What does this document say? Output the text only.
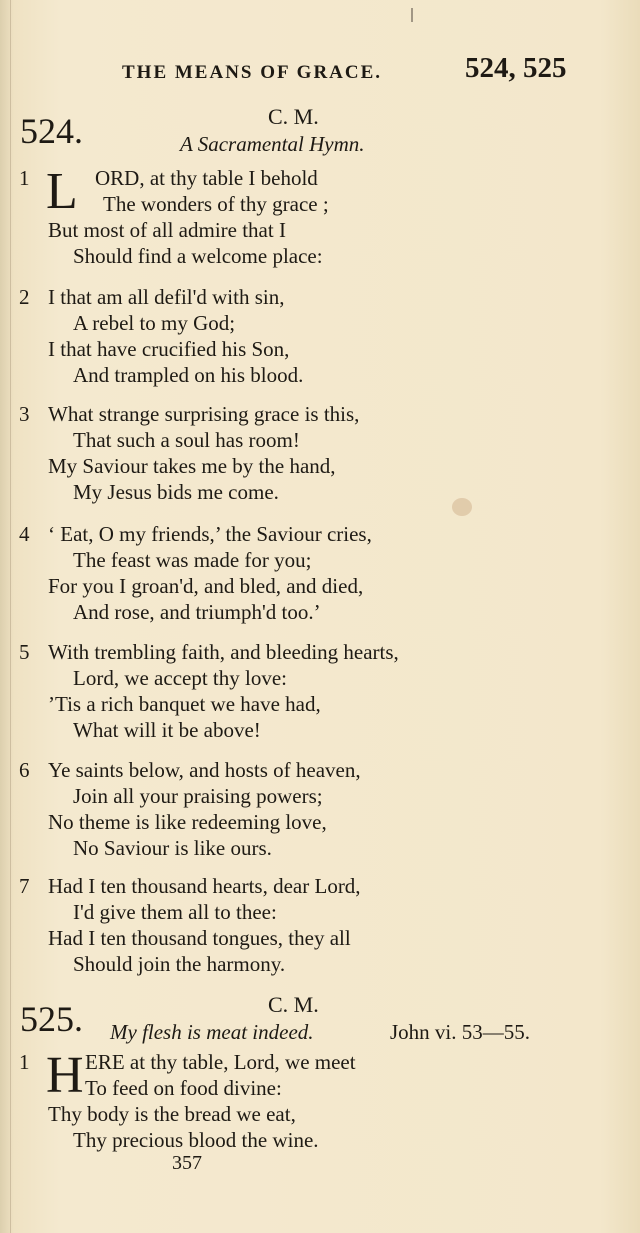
THE MEANS OF GRACE.	524, 525
524.	C. M.
A Sacramental Hymn.
1 L ORD, at thy table I behold
The wonders of thy grace ;
But most of all admire that I
Should find a welcome place:
2 I that am all defil'd with sin,
A rebel to my God;
I that have crucified his Son,
And trampled on his blood.
3 What strange surprising grace is this,
That such a soul has room!
My Saviour takes me by the hand,
My Jesus bids me come.
4 ‘ Eat, O my friends,’ the Saviour cries,
The feast was made for you;
For you I groan'd, and bled, and died,
And rose, and triumph'd too.’
5 With trembling faith, and bleeding hearts,
Lord, we accept thy love:
’Tis a rich banquet we have had,
What will it be above!
6 Ye saints below, and hosts of heaven,
Join all your praising powers;
No theme is like redeeming love,
No Saviour is like ours.
7 Had I ten thousand hearts, dear Lord,
I'd give them all to thee:
Had I ten thousand tongues, they all
Should join the harmony.
525.	C. M.
My flesh is meat indeed.	John vi. 53—55.
1 H ERE at thy table, Lord, we meet
To feed on food divine:
Thy body is the bread we eat,
Thy precious blood the wine.
357
